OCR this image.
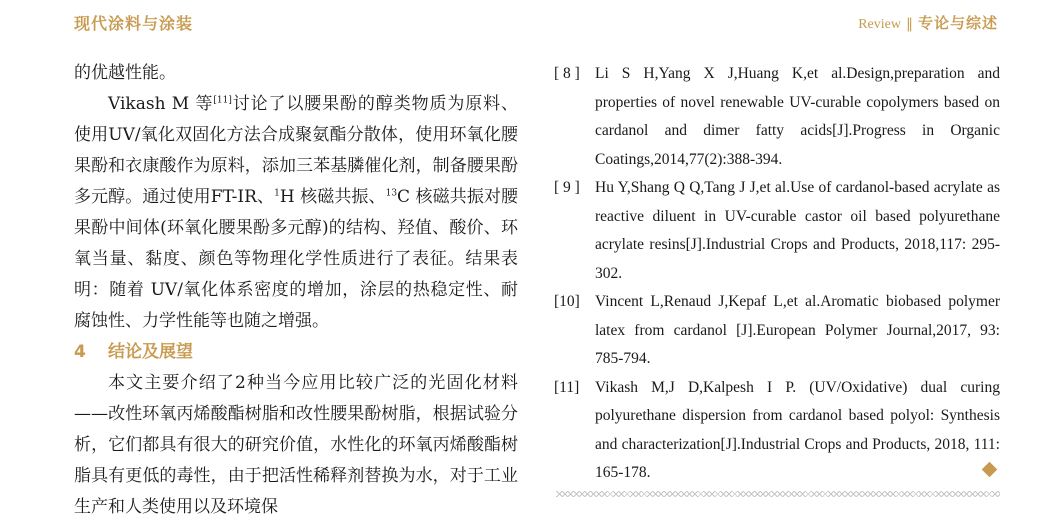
现代涂料与涂装	Review ‖ 专论与综述

的优越性能。

Vikash M 等[11]讨论了以腰果酚的醇类物质为原料、使用UV/氧化双固化方法合成聚氨酯分散体，使用环氧化腰果酚和衣康酸作为原料，添加三苯基膦催化剂，制备腰果酚多元醇。通过使用FT-IR、$^1$H 核磁共振、$^{13}$C 核磁共振对腰果酚中间体(环氧化腰果酚多元醇)的结构、羟值、酸价、环氧当量、黏度、颜色等物理化学性质进行了表征。结果表明：随着 UV/氧化体系密度的增加，涂层的热稳定性、耐腐蚀性、力学性能等也随之增强。

4 结论及展望

本文主要介绍了2种当今应用比较广泛的光固化材料——改性环氧丙烯酸酯树脂和改性腰果酚树脂，根据试验分析，它们都具有很大的研究价值，水性化的环氧丙烯酸酯树脂具有更低的毒性，由于把活性稀释剂替换为水，对于工业生产和人类使用以及环境保

[ 8 ] Li S H,Yang X J,Huang K,et al.Design,preparation and properties of novel renewable UV-curable copolymers based on cardanol and dimer fatty acids[J].Progress in Organic Coatings,2014,77(2):388-394.
[ 9 ] Hu Y,Shang Q Q,Tang J J,et al.Use of cardanol-based acrylate as reactive diluent in UV-curable castor oil based polyurethane acrylate resins[J].Industrial Crops and Products, 2018,117: 295-302.
[10] Vincent L,Renaud J,Kepaf L,et al.Aromatic biobased polymer latex from cardanol [J].European Polymer Journal,2017, 93: 785-794.
[11] Vikash M,J D,Kalpesh I P. (UV/Oxidative) dual curing polyurethane dispersion from cardanol based polyol: Synthesis and characterization[J].Industrial Crops and Products, 2018, 111: 165-178.
